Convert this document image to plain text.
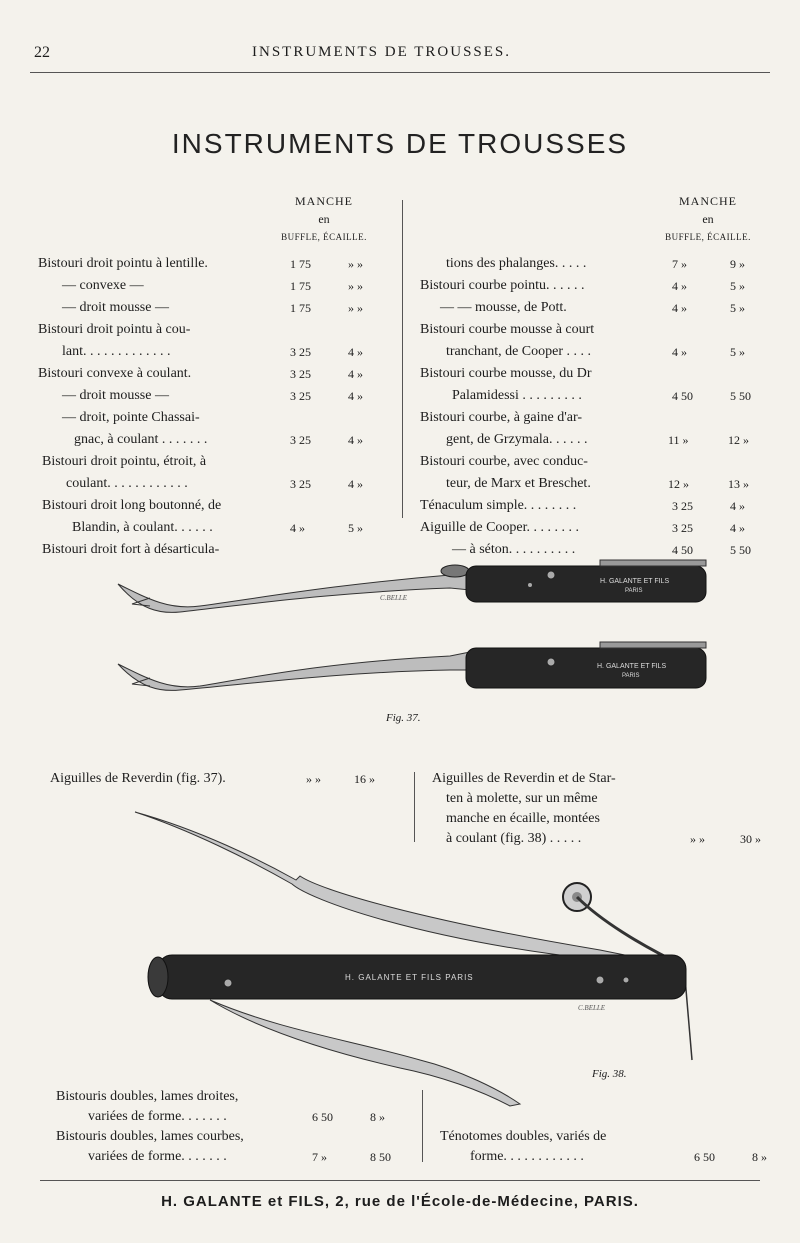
22	INSTRUMENTS DE TROUSSES.
INSTRUMENTS DE TROUSSES
MANCHE
en
BUFFLE, ÉCAILLE.
MANCHE
en
BUFFLE, ÉCAILLE.
Bistouri droit pointu à lentille.	1 75	» »
— convexe —	1 75	» »
— droit mousse —	1 75	» »
Bistouri droit pointu à cou-
lant. . . . . . . . . . . . .	3 25	4 »
Bistouri convexe à coulant.	3 25	4 »
— droit mousse —	3 25	4 »
— droit, pointe Chassai-
gnac, à coulant . . . . . . .	3 25	4 »
Bistouri droit pointu, étroit, à
coulant. . . . . . . . . . . .	3 25	4 »
Bistouri droit long boutonné, de
Blandin, à coulant. . . . . .	4 »	5 »
Bistouri droit fort à désarticula-
tions des phalanges. . . . .	7 »	9 »
Bistouri courbe pointu. . . . . .	4 »	5 »
— — mousse, de Pott.	4 »	5 »
Bistouri courbe mousse à court
tranchant, de Cooper . . . .	4 »	5 »
Bistouri courbe mousse, du Dr
Palamidessi . . . . . . . . .	4 50	5 50
Bistouri courbe, à gaine d'ar-
gent, de Grzymala. . . . . .	11 »	12 »
Bistouri courbe, avec conduc-
teur, de Marx et Breschet.	12 »	13 »
Ténaculum simple. . . . . . . .	3 25	4 »
Aiguille de Cooper. . . . . . . .	3 25	4 »
— à séton. . . . . . . . . .	4 50	5 50
H. GALANTE ET FILS
PARIS
C.BELLE
H. GALANTE ET FILS
PARIS
Fig. 37.
Aiguilles de Reverdin (fig. 37).	» »	16 »	Aiguilles de Reverdin et de Star-
ten à molette, sur un même
manche en écaille, montées
à coulant (fig. 38) . . . . .	» »	30 »
H. GALANTE ET FILS PARIS
C.BELLE
Fig. 38.
Bistouris doubles, lames droites,
variées de forme. . . . . . .	6 50	8 »
Bistouris doubles, lames courbes,
variées de forme. . . . . . .	7 »	8 50
Ténotomes doubles, variés de
forme. . . . . . . . . . . .	6 50	8 »
H. GALANTE et FILS, 2, rue de l'École-de-Médecine, PARIS.
